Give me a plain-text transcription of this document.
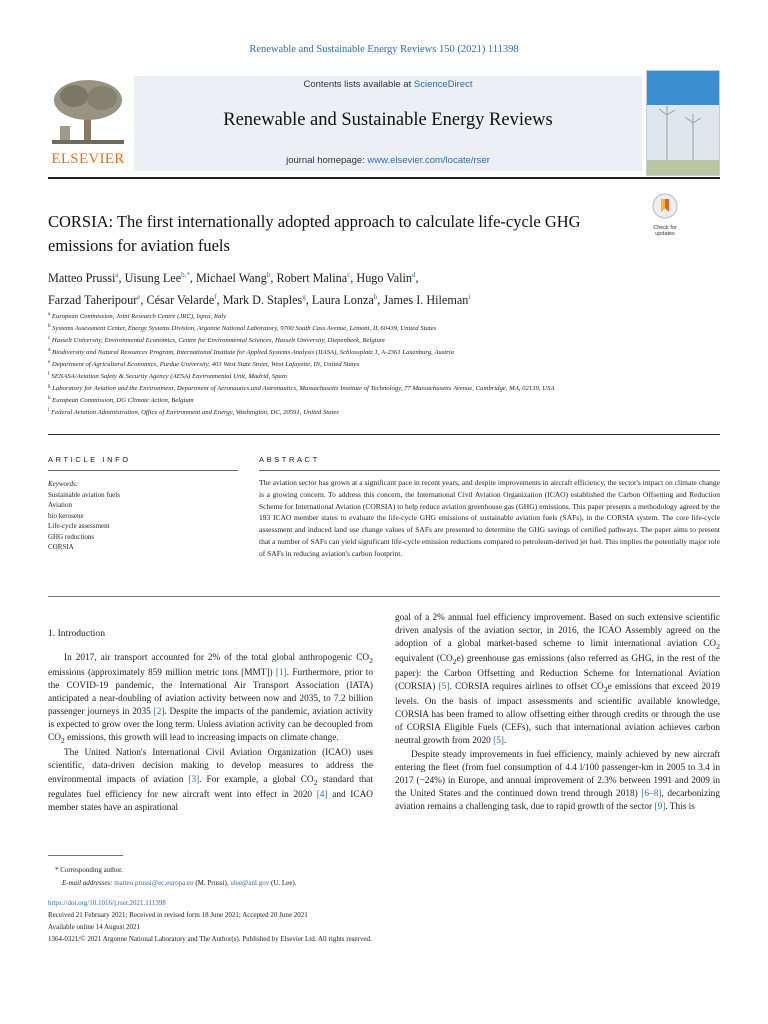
Renewable and Sustainable Energy Reviews 150 (2021) 111398
ELSEVIER
Contents lists available at ScienceDirect
Renewable and Sustainable Energy Reviews
journal homepage: www.elsevier.com/locate/rser
CORSIA: The first internationally adopted approach to calculate life-cycle GHG emissions for aviation fuels
Check for updates
Matteo Prussi$^a$, Uisung Lee$^{b,*}$, Michael Wang$^b$, Robert Malina$^c$, Hugo Valin$^d$,
Farzad Taheripour$^e$, César Velarde$^f$, Mark D. Staples$^g$, Laura Lonza$^h$, James I. Hileman$^i$
$^a$ European Commission, Joint Research Centre (JRC), Ispra, Italy
$^b$ Systems Assessment Center, Energy Systems Division, Argonne National Laboratory, 9700 South Cass Avenue, Lemont, IL 60439, United States
$^c$ Hasselt University, Environmental Economics, Centre for Environmental Sciences, Hasselt University, Diepenbeek, Belgium
$^d$ Biodiversity and Natural Resources Program, International Institute for Applied Systems Analysis (IIASA), Schlossplatz 1, A-2361 Laxenburg, Austria
$^e$ Department of Agricultural Economics, Purdue University, 403 West State Street, West Lafayette, IN, United States
$^f$ SENASA/Aviation Safety & Security Agency (AESA) Environmental Unit, Madrid, Spain
$^g$ Laboratory for Aviation and the Environment, Department of Aeronautics and Astronautics, Massachusetts Institute of Technology, 77 Massachusetts Avenue, Cambridge, MA, 02139, USA
$^h$ European Commission, DG Climate Action, Belgium
$^i$ Federal Aviation Administration, Office of Environment and Energy, Washington, DC, 20591, United States
ARTICLE INFO	ABSTRACT
Keywords:
Sustainable aviation fuels
Aviation
bio kerosene
Life-cycle assessment
GHG reductions
CORSIA
The aviation sector has grown at a significant pace in recent years, and despite improvements in aircraft efficiency, the sector's impact on climate change is a growing concern. To address this concern, the International Civil Aviation Organization (ICAO) established the Carbon Offsetting and Reduction Scheme for International Aviation (CORSIA) to help reduce aviation greenhouse gas (GHG) emissions. This paper presents a methodology agreed by the 193 ICAO member states to evaluate the life-cycle GHG emissions of sustainable aviation fuels (SAFs), in the CORSIA system. The core life-cycle assessment and induced land use change values of SAFs are presented to determine the GHG savings of certified pathways. The paper aims to present that a number of SAFs can yield significant life-cycle emission reductions compared to petroleum-derived jet fuel. This implies the potentially major role of SAFs in reducing aviation's carbon footprint.
1. Introduction

In 2017, air transport accounted for 2% of the total global anthropogenic $CO_2$ emissions (approximately 859 million metric tons [MMT]) [1]. Furthermore, prior to the COVID-19 pandemic, the International Air Transport Association (IATA) anticipated a near-doubling of aviation activity between now and 2035, to 7.2 billion passenger journeys in 2035 [2]. Despite the impacts of the pandemic, aviation activity is expected to grow over the long term. Unless aviation activity can be decoupled from $CO_2$ emissions, this growth will lead to increasing impacts on climate change.

The United Nation's International Civil Aviation Organization (ICAO) uses scientific, data-driven decision making to develop measures to address the environmental impacts of aviation [3]. For example, a global $CO_2$ standard that regulates fuel efficiency for new aircraft went into effect in 2020 [4] and ICAO member states have an aspirational

goal of a 2% annual fuel efficiency improvement. Based on such extensive scientific driven analysis of the aviation sector, in 2016, the ICAO Assembly agreed on the adoption of a global market-based scheme to limit international aviation $CO_2$ equivalent $(CO_2e)$ greenhouse gas emissions (also referred as GHG, in the rest of the paper): the Carbon Offsetting and Reduction Scheme for International Aviation (CORSIA) [5]. CORSIA requires airlines to offset $CO_2e$ emissions that exceed 2019 levels. On the basis of impact assessments and scientific available knowledge, CORSIA has been framed to allow offsetting either through credits or through the use of CORSIA Eligible Fuels (CEFs), such that international aviation achieves carbon neutral growth from 2020 [5].

Despite steady improvements in fuel efficiency, mainly achieved by new aircraft entering the fleet (from fuel consumption of 4.4 l/100 passenger-km in 2005 to 3.4 in 2017 (−24%) in Europe, and annual improvement of 2.3% between 1991 and 2009 in the United States and the continued down trend through 2018) [6–8], decarbonizing aviation remains a challenging task, due to rapid growth of the sector [9]. This is

* Corresponding author.
E-mail addresses: matteo.prussi@ec.europa.eu (M. Prussi), ulee@anl.gov (U. Lee).
https://doi.org/10.1016/j.rser.2021.111398
Received 21 February 2021; Received in revised form 18 June 2021; Accepted 20 June 2021
Available online 14 August 2021
1364-0321/© 2021 Argonne National Laboratory and The Author(s). Published by Elsevier Ltd. All rights reserved.
